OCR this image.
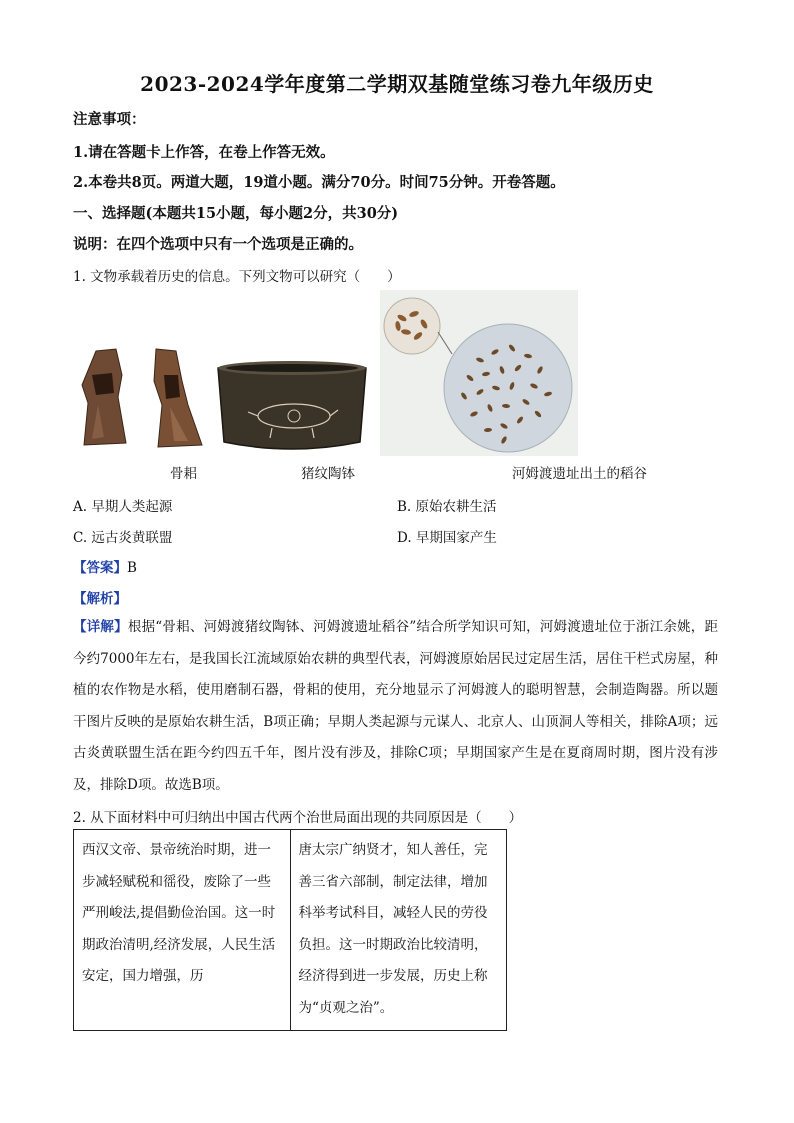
2023-2024学年度第二学期双基随堂练习卷九年级历史
注意事项：
1.请在答题卡上作答，在卷上作答无效。
2.本卷共8页。两道大题，19道小题。满分70分。时间75分钟。开卷答题。
一、选择题(本题共15小题，每小题2分，共30分)
说明：在四个选项中只有一个选项是正确的。
1. 文物承载着历史的信息。下列文物可以研究（　　）
骨耜	猪纹陶钵	河姆渡遗址出土的稻谷
A. 早期人类起源	B. 原始农耕生活
C. 远古炎黄联盟	D. 早期国家产生
【答案】B
【解析】
【详解】根据“骨耜、河姆渡猪纹陶钵、河姆渡遗址稻谷”结合所学知识可知，河姆渡遗址位于浙江余姚，距今约7000年左右，是我国长江流域原始农耕的典型代表，河姆渡原始居民过定居生活，居住干栏式房屋，种植的农作物是水稻，使用磨制石器，骨耜的使用，充分地显示了河姆渡人的聪明智慧，会制造陶器。所以题干图片反映的是原始农耕生活，B项正确；早期人类起源与元谋人、北京人、山顶洞人等相关，排除A项；远古炎黄联盟生活在距今约四五千年，图片没有涉及，排除C项；早期国家产生是在夏商周时期，图片没有涉及，排除D项。故选B项。
2. 从下面材料中可归纳出中国古代两个治世局面出现的共同原因是（　　）
西汉文帝、景帝统治时期，进一步减轻赋税和徭役，废除了一些严刑峻法,提倡勤俭治国。这一时期政治清明,经济发展，人民生活安定，国力增强，历	唐太宗广纳贤才，知人善任，完善三省六部制，制定法律，增加科举考试科目，减轻人民的劳役负担。这一时期政治比较清明，经济得到进一步发展，历史上称为“贞观之治”。
